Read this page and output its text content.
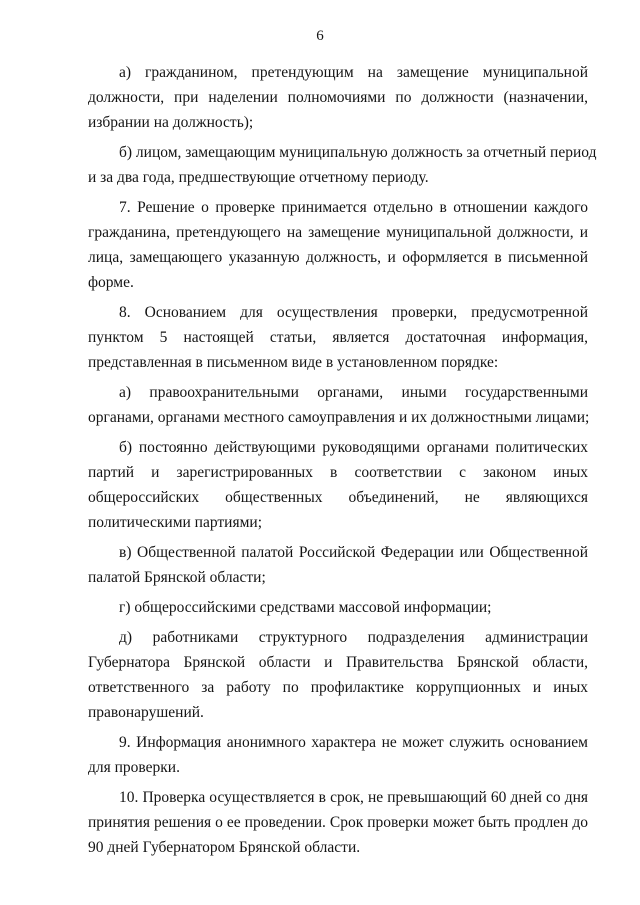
6
а) гражданином, претендующим на замещение муниципальной
должности, при наделении полномочиями по должности (назначении,
избрании на должность);
б) лицом, замещающим муниципальную должность за отчетный период
и за два года, предшествующие отчетному периоду.
7. Решение о проверке принимается отдельно в отношении каждого
гражданина, претендующего на замещение муниципальной должности, и
лица, замещающего указанную должность, и оформляется в письменной
форме.
8. Основанием для осуществления проверки, предусмотренной
пунктом 5 настоящей статьи, является достаточная информация,
представленная в письменном виде в установленном порядке:
а) правоохранительными органами, иными государственными
органами, органами местного самоуправления и их должностными лицами;
б) постоянно действующими руководящими органами политических
партий и зарегистрированных в соответствии с законом иных
общероссийских общественных объединений, не являющихся
политическими партиями;
в) Общественной палатой Российской Федерации или Общественной
палатой Брянской области;
г) общероссийскими средствами массовой информации;
д) работниками структурного подразделения администрации
Губернатора Брянской области и Правительства Брянской области,
ответственного за работу по профилактике коррупционных и иных
правонарушений.
9. Информация анонимного характера не может служить основанием
для проверки.
10. Проверка осуществляется в срок, не превышающий 60 дней со дня
принятия решения о ее проведении. Срок проверки может быть продлен до
90 дней Губернатором Брянской области.
